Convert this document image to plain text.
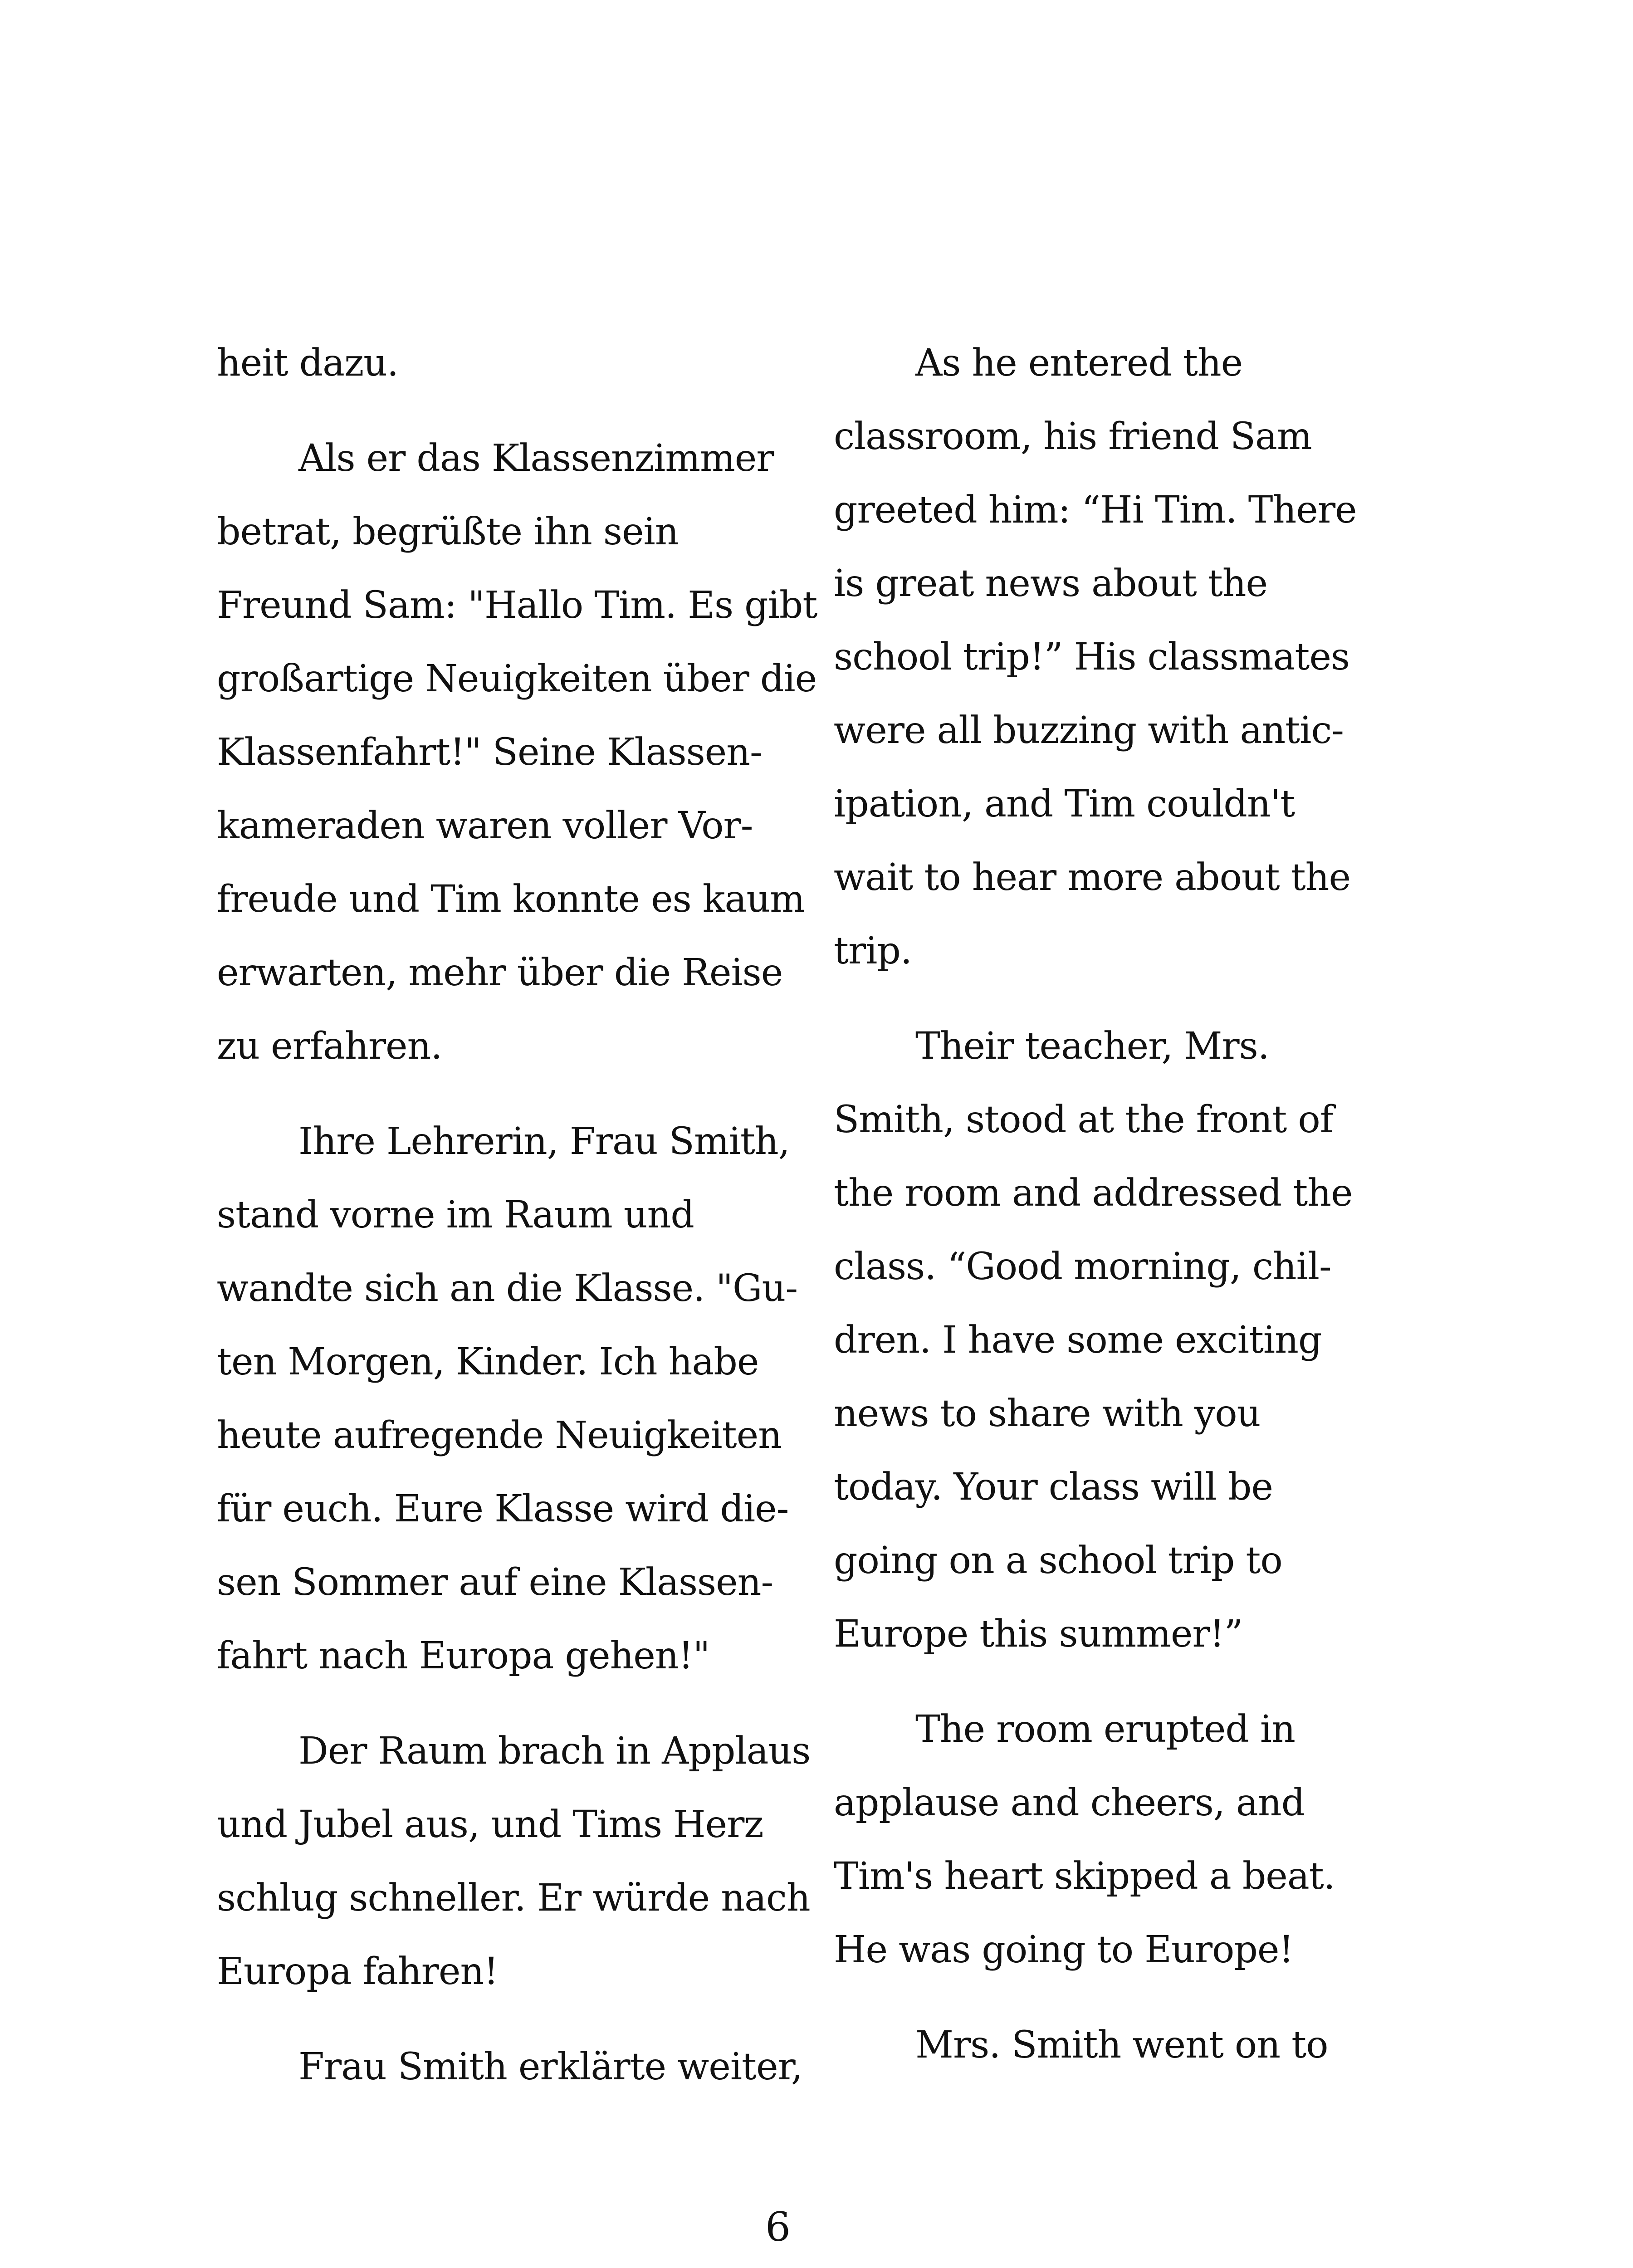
heit dazu.
Als er das Klassenzimmer
betrat, begrüßte ihn sein
Freund Sam: "Hallo Tim. Es gibt
großartige Neuigkeiten über die
Klassenfahrt!" Seine Klassen-
kameraden waren voller Vor-
freude und Tim konnte es kaum
erwarten, mehr über die Reise
zu erfahren.
Ihre Lehrerin, Frau Smith,
stand vorne im Raum und
wandte sich an die Klasse. "Gu-
ten Morgen, Kinder. Ich habe
heute aufregende Neuigkeiten
für euch. Eure Klasse wird die-
sen Sommer auf eine Klassen-
fahrt nach Europa gehen!"
Der Raum brach in Applaus
und Jubel aus, und Tims Herz
schlug schneller. Er würde nach
Europa fahren!
Frau Smith erklärte weiter,
As he entered the
classroom, his friend Sam
greeted him: “Hi Tim. There
is great news about the
school trip!” His classmates
were all buzzing with antic-
ipation, and Tim couldn't
wait to hear more about the
trip.
Their teacher, Mrs.
Smith, stood at the front of
the room and addressed the
class. “Good morning, chil-
dren. I have some exciting
news to share with you
today. Your class will be
going on a school trip to
Europe this summer!”
The room erupted in
applause and cheers, and
Tim's heart skipped a beat.
He was going to Europe!
Mrs. Smith went on to
6
